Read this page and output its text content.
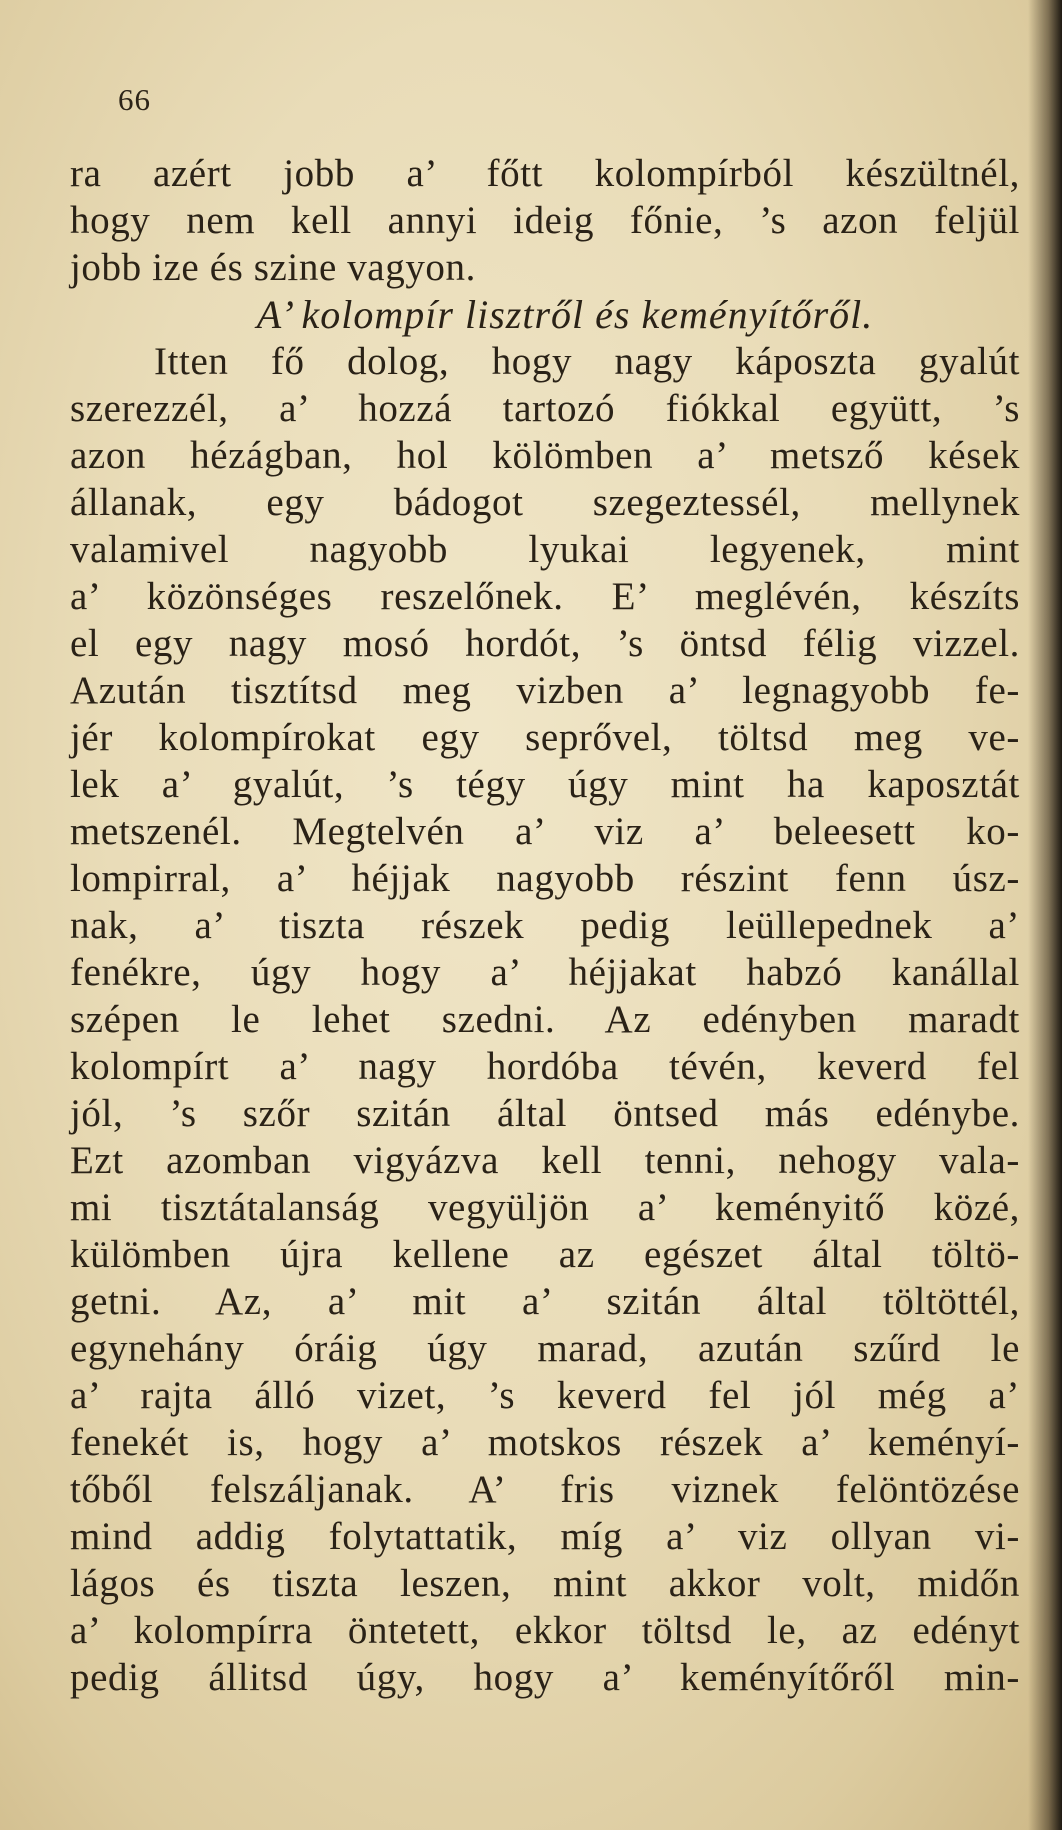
66
ra azért jobb a’ főtt kolompírból készültnél,
hogy nem kell annyi ideig főnie, ’s azon feljül
jobb ize és szine vagyon.
A’ kolompír lisztről és keményítőről.
Itten fő dolog, hogy nagy káposzta gyalút
szerezzél, a’ hozzá tartozó fiókkal együtt, ’s
azon hézágban, hol kölömben a’ metsző kések
állanak, egy bádogot szegeztessél, mellynek
valamivel nagyobb lyukai legyenek, mint
a’ közönséges reszelőnek. E’ meglévén, készíts
el egy nagy mosó hordót, ’s öntsd félig vizzel.
Azután tisztítsd meg vizben a’ legnagyobb fe-
jér kolompírokat egy seprővel, töltsd meg ve-
lek a’ gyalút, ’s tégy úgy mint ha kaposztát
metszenél. Megtelvén a’ viz a’ beleesett ko-
lompirral, a’ héjjak nagyobb részint fenn úsz-
nak, a’ tiszta részek pedig leüllepednek a’
fenékre, úgy hogy a’ héjjakat habzó kanállal
szépen le lehet szedni. Az edényben maradt
kolompírt a’ nagy hordóba tévén, keverd fel
jól, ’s szőr szitán által öntsed más edénybe.
Ezt azomban vigyázva kell tenni, nehogy vala-
mi tisztátalanság vegyüljön a’ keményitő közé,
külömben újra kellene az egészet által töltö-
getni. Az, a’ mit a’ szitán által töltöttél,
egynehány óráig úgy marad, azután szűrd le
a’ rajta álló vizet, ’s keverd fel jól még a’
fenekét is, hogy a’ motskos részek a’ keményí-
tőből felszáljanak. A’ fris viznek felöntözése
mind addig folytattatik, míg a’ viz ollyan vi-
lágos és tiszta leszen, mint akkor volt, midőn
a’ kolompírra öntetett, ekkor töltsd le, az edényt
pedig állitsd úgy, hogy a’ keményítőről min-
